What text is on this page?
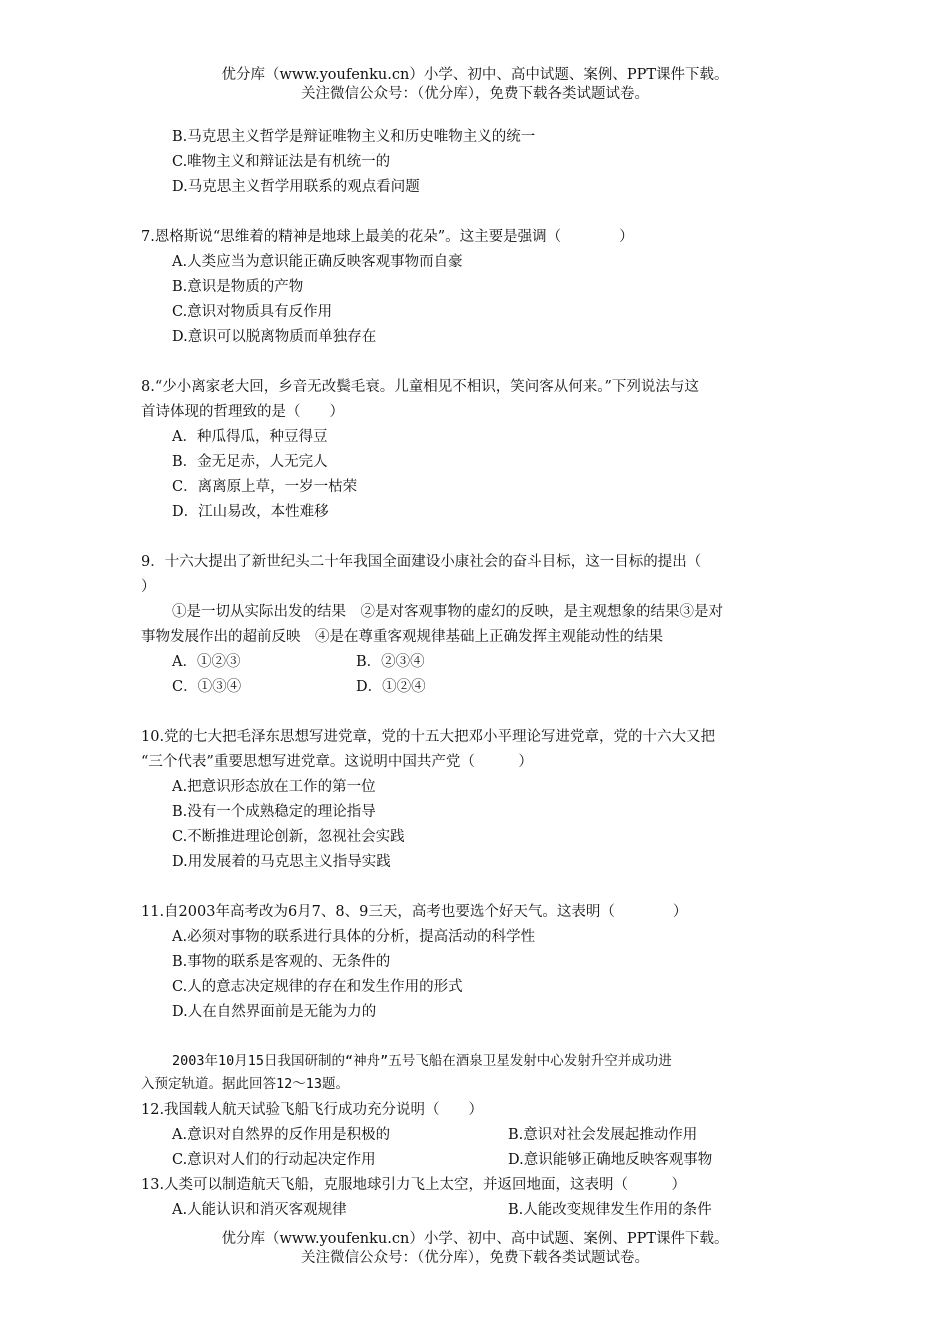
优分库（www.youfenku.cn）小学、初中、高中试题、案例、PPT课件下载。
关注微信公众号：（优分库），免费下载各类试题试卷。
B.马克思主义哲学是辩证唯物主义和历史唯物主义的统一
C.唯物主义和辩证法是有机统一的
D.马克思主义哲学用联系的观点看问题
7.恩格斯说“思维着的精神是地球上最美的花朵”。这主要是强调（　　　　）
A.人类应当为意识能正确反映客观事物而自豪
B.意识是物质的产物
C.意识对物质具有反作用
D.意识可以脱离物质而单独存在
8.“少小离家老大回，乡音无改鬓毛衰。儿童相见不相识，笑问客从何来。”下列说法与这
首诗体现的哲理致的是（　　）
A．种瓜得瓜，种豆得豆
B．金无足赤，人无完人
C．离离原上草，一岁一枯荣
D．江山易改，本性难移
9．十六大提出了新世纪头二十年我国全面建设小康社会的奋斗目标，这一目标的提出（
）
①是一切从实际出发的结果　②是对客观事物的虚幻的反映，是主观想象的结果③是对
事物发展作出的超前反映　④是在尊重客观规律基础上正确发挥主观能动性的结果
A．①②③	B．②③④
C．①③④	D．①②④
10.党的七大把毛泽东思想写进党章，党的十五大把邓小平理论写进党章，党的十六大又把
“三个代表”重要思想写进党章。这说明中国共产党（　　　）
A.把意识形态放在工作的第一位
B.没有一个成熟稳定的理论指导
C.不断推进理论创新，忽视社会实践
D.用发展着的马克思主义指导实践
11.自2003年高考改为6月7、8、9三天，高考也要选个好天气。这表明（　　　　）
A.必须对事物的联系进行具体的分析，提高活动的科学性
B.事物的联系是客观的、无条件的
C.人的意志决定规律的存在和发生作用的形式
D.人在自然界面前是无能为力的
2003年10月15日我国研制的“神舟”五号飞船在酒泉卫星发射中心发射升空并成功进
入预定轨道。据此回答12～13题。
12.我国载人航天试验飞船飞行成功充分说明（　　）
A.意识对自然界的反作用是积极的	B.意识对社会发展起推动作用
C.意识对人们的行动起决定作用	D.意识能够正确地反映客观事物
13.人类可以制造航天飞船，克服地球引力飞上太空，并返回地面，这表明（　　　）
A.人能认识和消灭客观规律	B.人能改变规律发生作用的条件
优分库（www.youfenku.cn）小学、初中、高中试题、案例、PPT课件下载。
关注微信公众号：（优分库），免费下载各类试题试卷。
